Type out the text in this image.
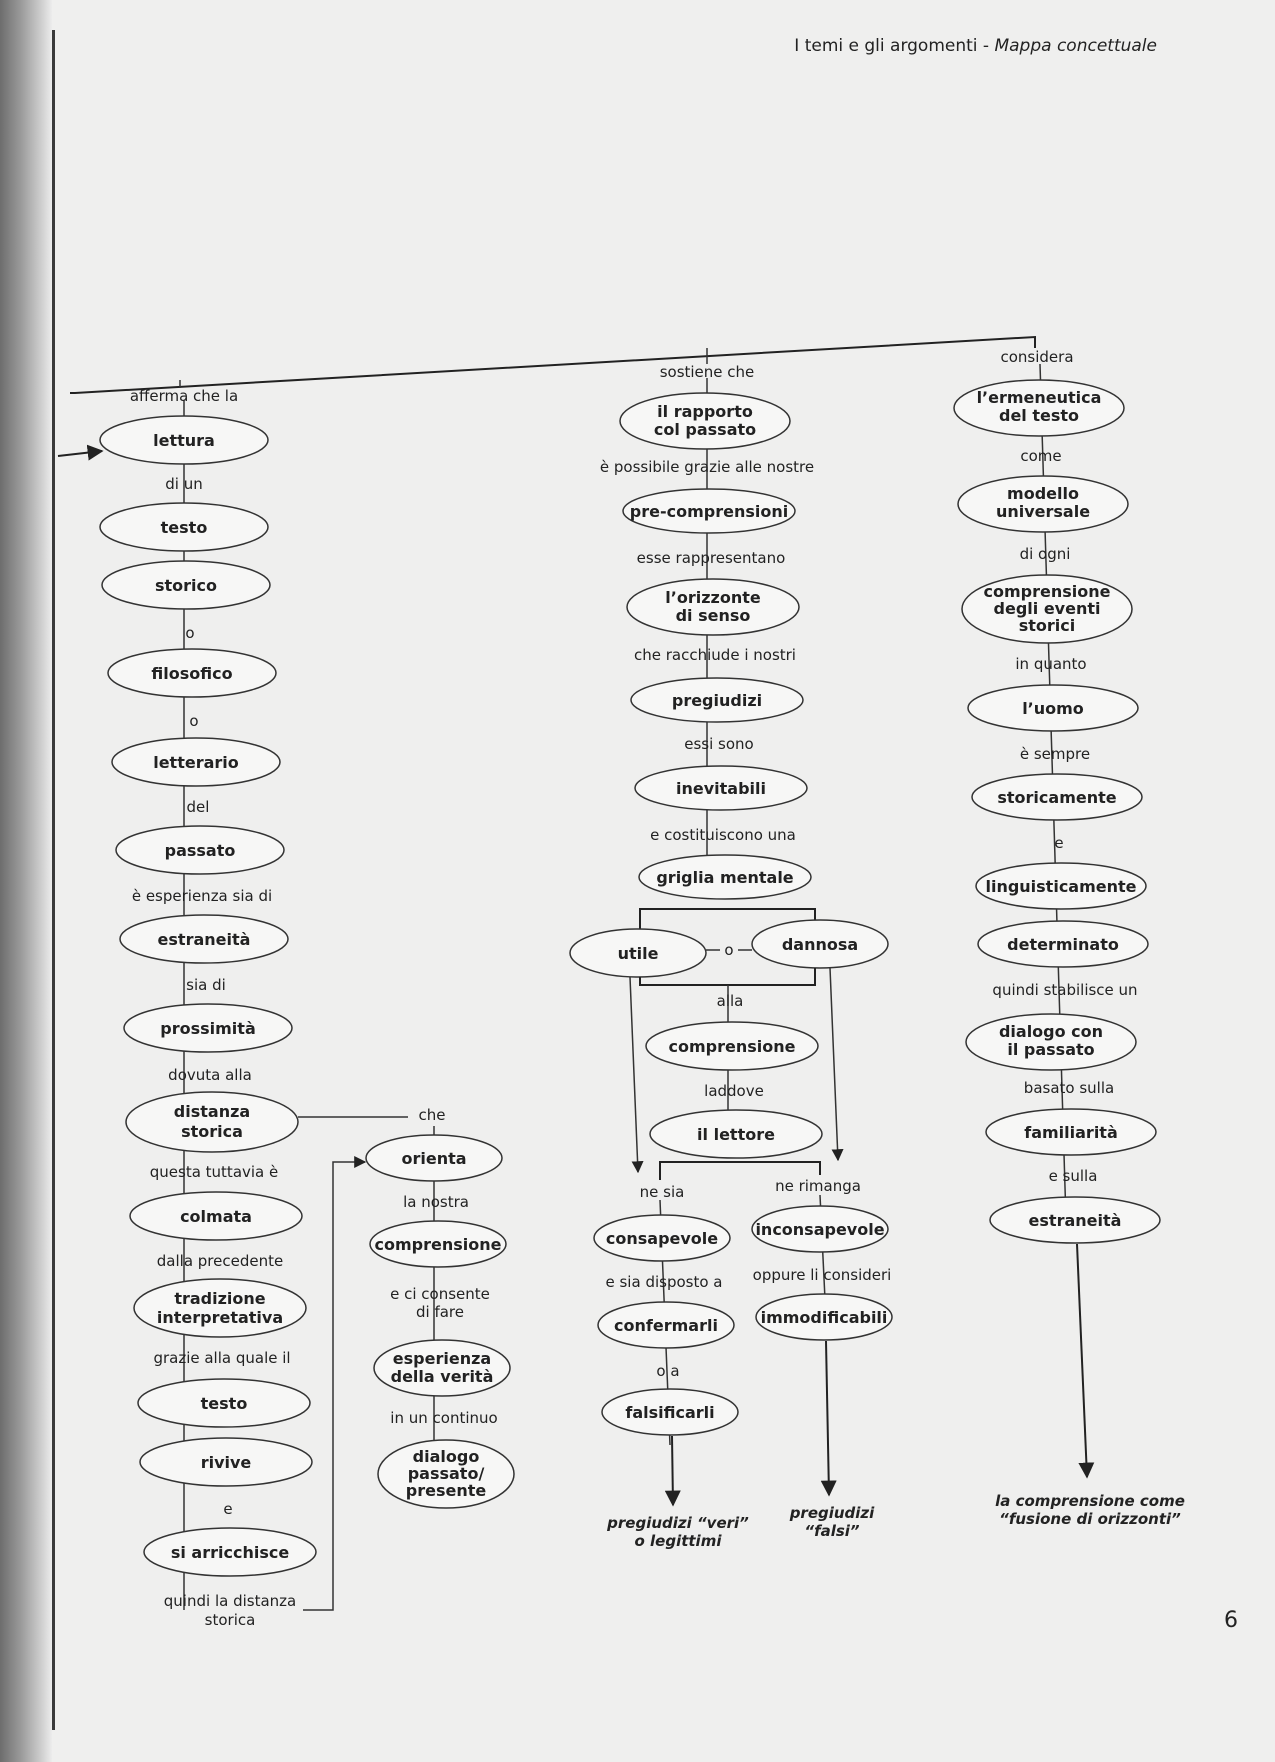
I temi e gli argomenti - Mappa concettuale
6
afferma che la
lettura
di un
testo
storico
o
filosofico
o
letterario
del
passato
è esperienza sia di
estraneità
sia di
prossimità
dovuta alla
distanza
storica
questa tuttavia è
colmata
dalla precedente
tradizione
interpretativa
grazie alla quale il
testo
rivive
e
si arricchisce
quindi la distanza
storica
che
orienta
la nostra
comprensione
e ci consente
di fare
esperienza
della verità
in un continuo
dialogo
passato/
presente
sostiene che
il rapporto
col passato
è possibile grazie alle nostre
pre-comprensioni
esse rappresentano
l’orizzonte
di senso
che racchiude i nostri
pregiudizi
essi sono
inevitabili
e costituiscono una
griglia mentale
utile	o	dannosa
alla
comprensione
laddove
il lettore
ne sia	ne rimanga
consapevole
e sia disposto a
confermarli
o a
falsificarli
pregiudizi “veri”
o legittimi
inconsapevole
oppure li consideri
immodificabili
pregiudizi
“falsi”
considera
l’ermeneutica
del testo
come
modello
universale
di ogni
comprensione
degli eventi
storici
in quanto
l’uomo
è sempre
storicamente
e
linguisticamente
determinato
quindi stabilisce un
dialogo con
il passato
basato sulla
familiarità
e sulla
estraneità
la comprensione come
“fusione di orizzonti”
